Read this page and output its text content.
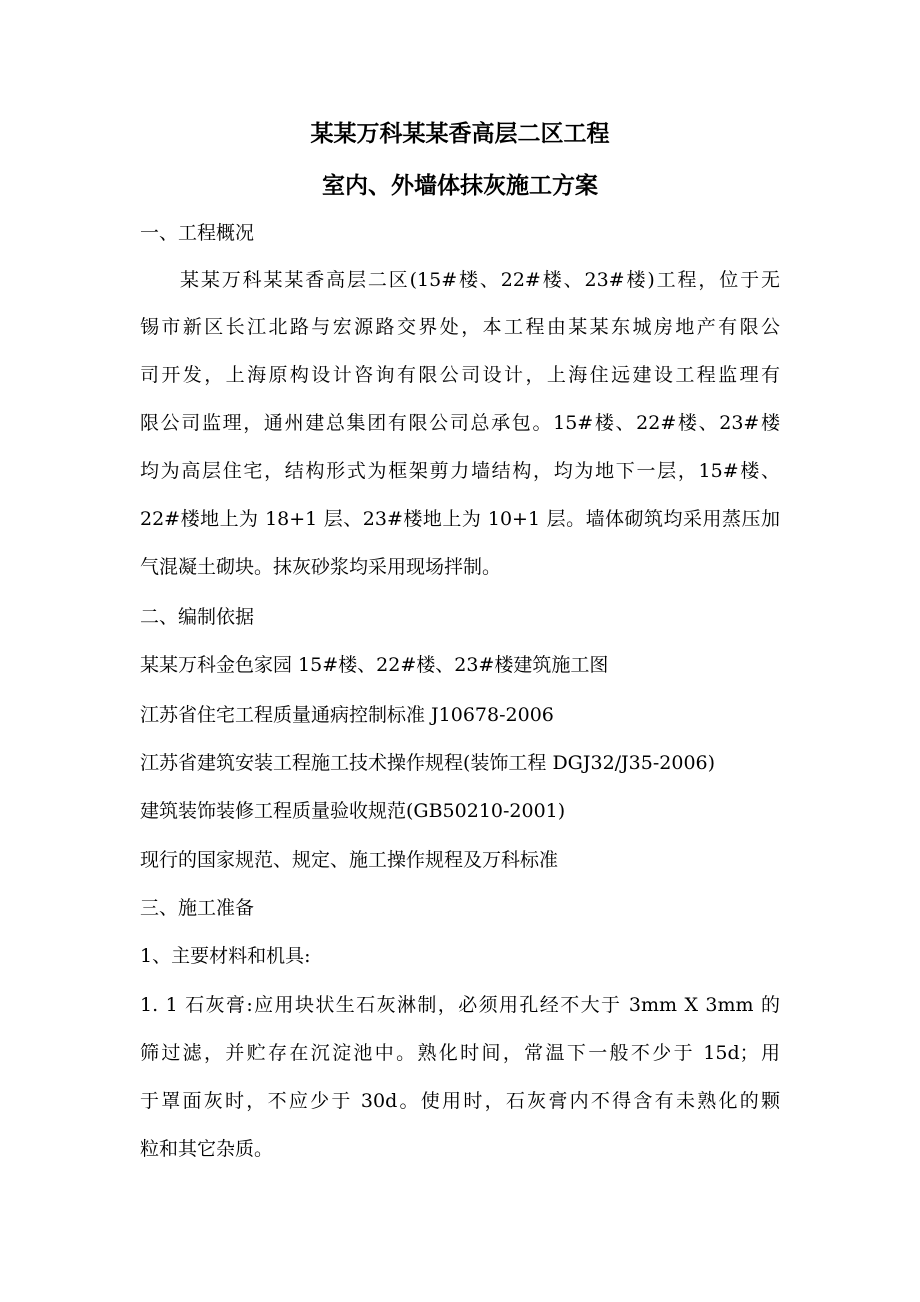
某某万科某某香高层二区工程
室内、外墙体抹灰施工方案
一、工程概况
某某万科某某香高层二区(15#楼、22#楼、23#楼)工程，位于无
锡市新区长江北路与宏源路交界处，本工程由某某东城房地产有限公
司开发，上海原构设计咨询有限公司设计，上海住远建设工程监理有
限公司监理，通州建总集团有限公司总承包。15#楼、22#楼、23#楼
均为高层住宅，结构形式为框架剪力墙结构，均为地下一层，15#楼、
22#楼地上为 18+1 层、23#楼地上为 10+1 层。墙体砌筑均采用蒸压加
气混凝土砌块。抹灰砂浆均采用现场拌制。
二、编制依据
某某万科金色家园 15#楼、22#楼、23#楼建筑施工图
江苏省住宅工程质量通病控制标准 J10678-2006
江苏省建筑安装工程施工技术操作规程(装饰工程 DGJ32/J35-2006)
建筑装饰装修工程质量验收规范(GB50210-2001)
现行的国家规范、规定、施工操作规程及万科标准
三、施工准备
1、主要材料和机具:
1. 1 石灰膏:应用块状生石灰淋制，必须用孔经不大于 3mm X 3mm 的
筛过滤，并贮存在沉淀池中。熟化时间，常温下一般不少于 15d；用
于罩面灰时，不应少于 30d。使用时，石灰膏内不得含有未熟化的颗
粒和其它杂质。
